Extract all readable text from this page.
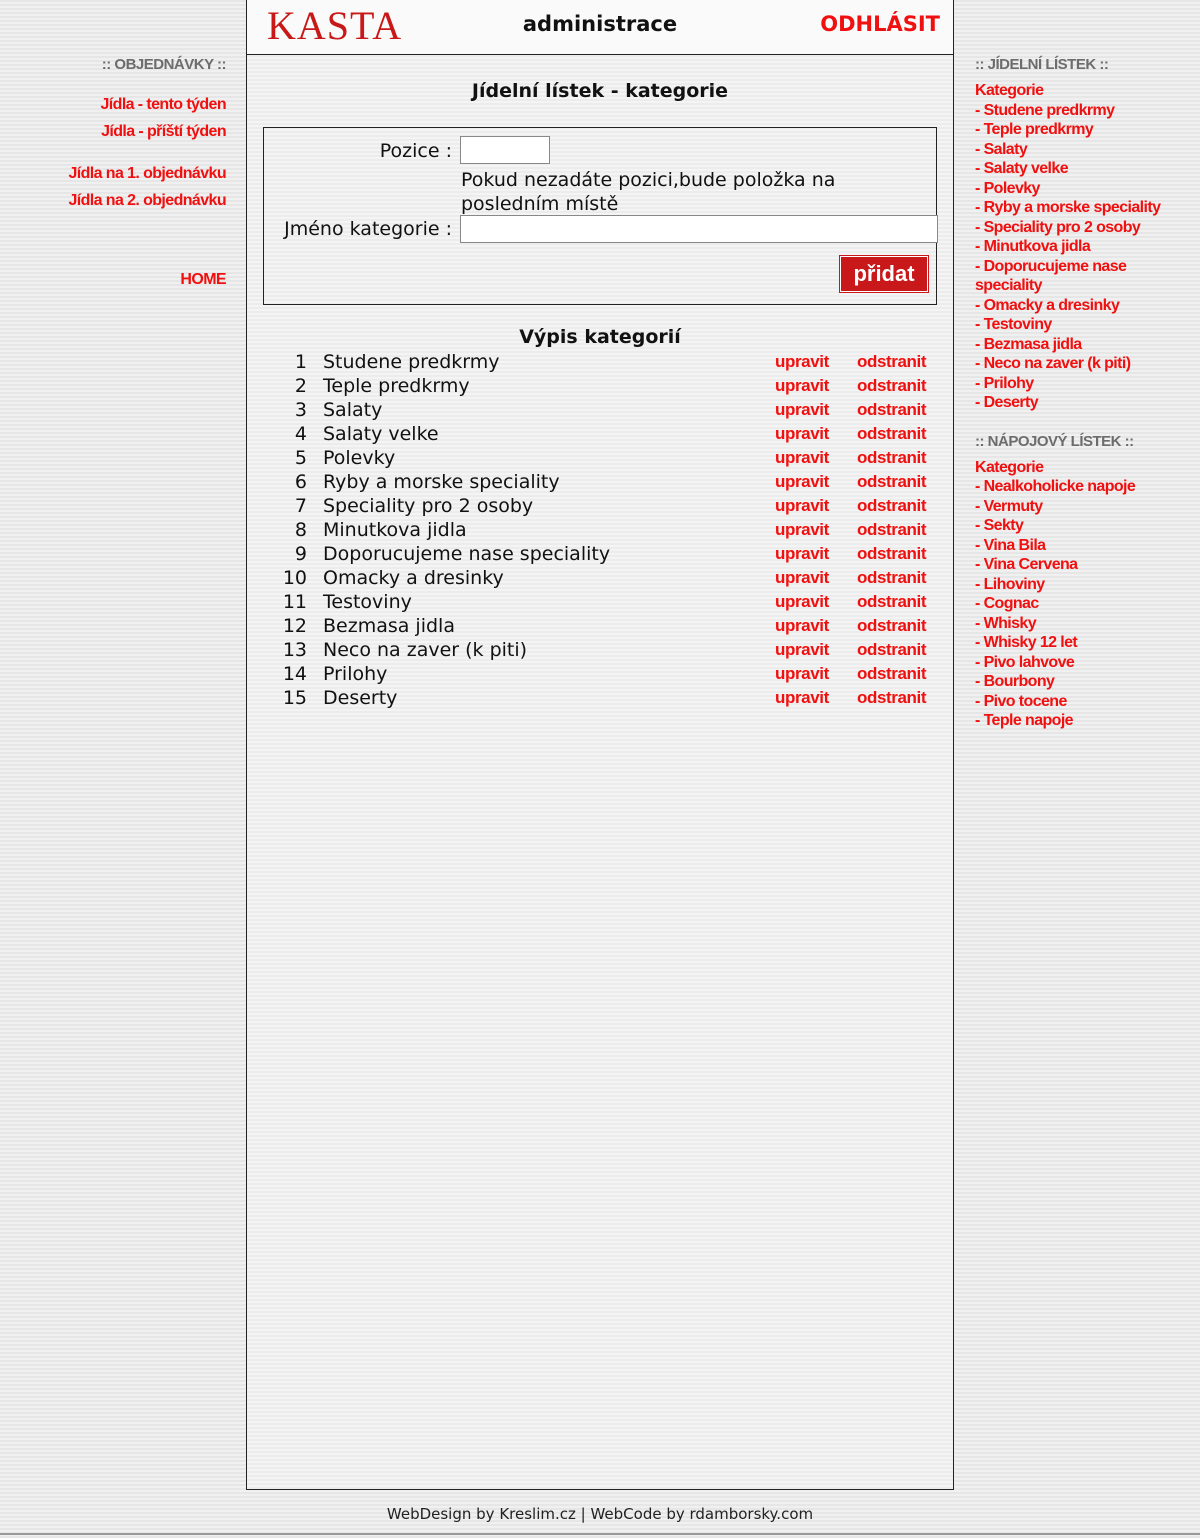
:: OBJEDNÁVKY ::
Jídla - tento týden
Jídla - příští týden
Jídla na 1. objednávku
Jídla na 2. objednávku
HOME
KASTA	administrace	ODHLÁSIT
Jídelní lístek - kategorie
Pozice :
Pokud nezadáte pozici,bude položka na posledním místě
Jméno kategorie :
přidat
Výpis kategorií
1 Studene predkrmy	upravit odstranit
2 Teple predkrmy	upravit odstranit
3 Salaty	upravit odstranit
4 Salaty velke	upravit odstranit
5 Polevky	upravit odstranit
6 Ryby a morske speciality	upravit odstranit
7 Speciality pro 2 osoby	upravit odstranit
8 Minutkova jidla	upravit odstranit
9 Doporucujeme nase speciality	upravit odstranit
10 Omacky a dresinky	upravit odstranit
11 Testoviny	upravit odstranit
12 Bezmasa jidla	upravit odstranit
13 Neco na zaver (k piti)	upravit odstranit
14 Prilohy	upravit odstranit
15 Deserty	upravit odstranit
:: JÍDELNÍ LÍSTEK ::
Kategorie
- Studene predkrmy
- Teple predkrmy
- Salaty
- Salaty velke
- Polevky
- Ryby a morske speciality
- Speciality pro 2 osoby
- Minutkova jidla
- Doporucujeme nase speciality
- Omacky a dresinky
- Testoviny
- Bezmasa jidla
- Neco na zaver (k piti)
- Prilohy
- Deserty
:: NÁPOJOVÝ LÍSTEK ::
Kategorie
- Nealkoholicke napoje
- Vermuty
- Sekty
- Vina Bila
- Vina Cervena
- Lihoviny
- Cognac
- Whisky
- Whisky 12 let
- Pivo lahvove
- Bourbony
- Pivo tocene
- Teple napoje
WebDesign by Kreslim.cz | WebCode by rdamborsky.com
